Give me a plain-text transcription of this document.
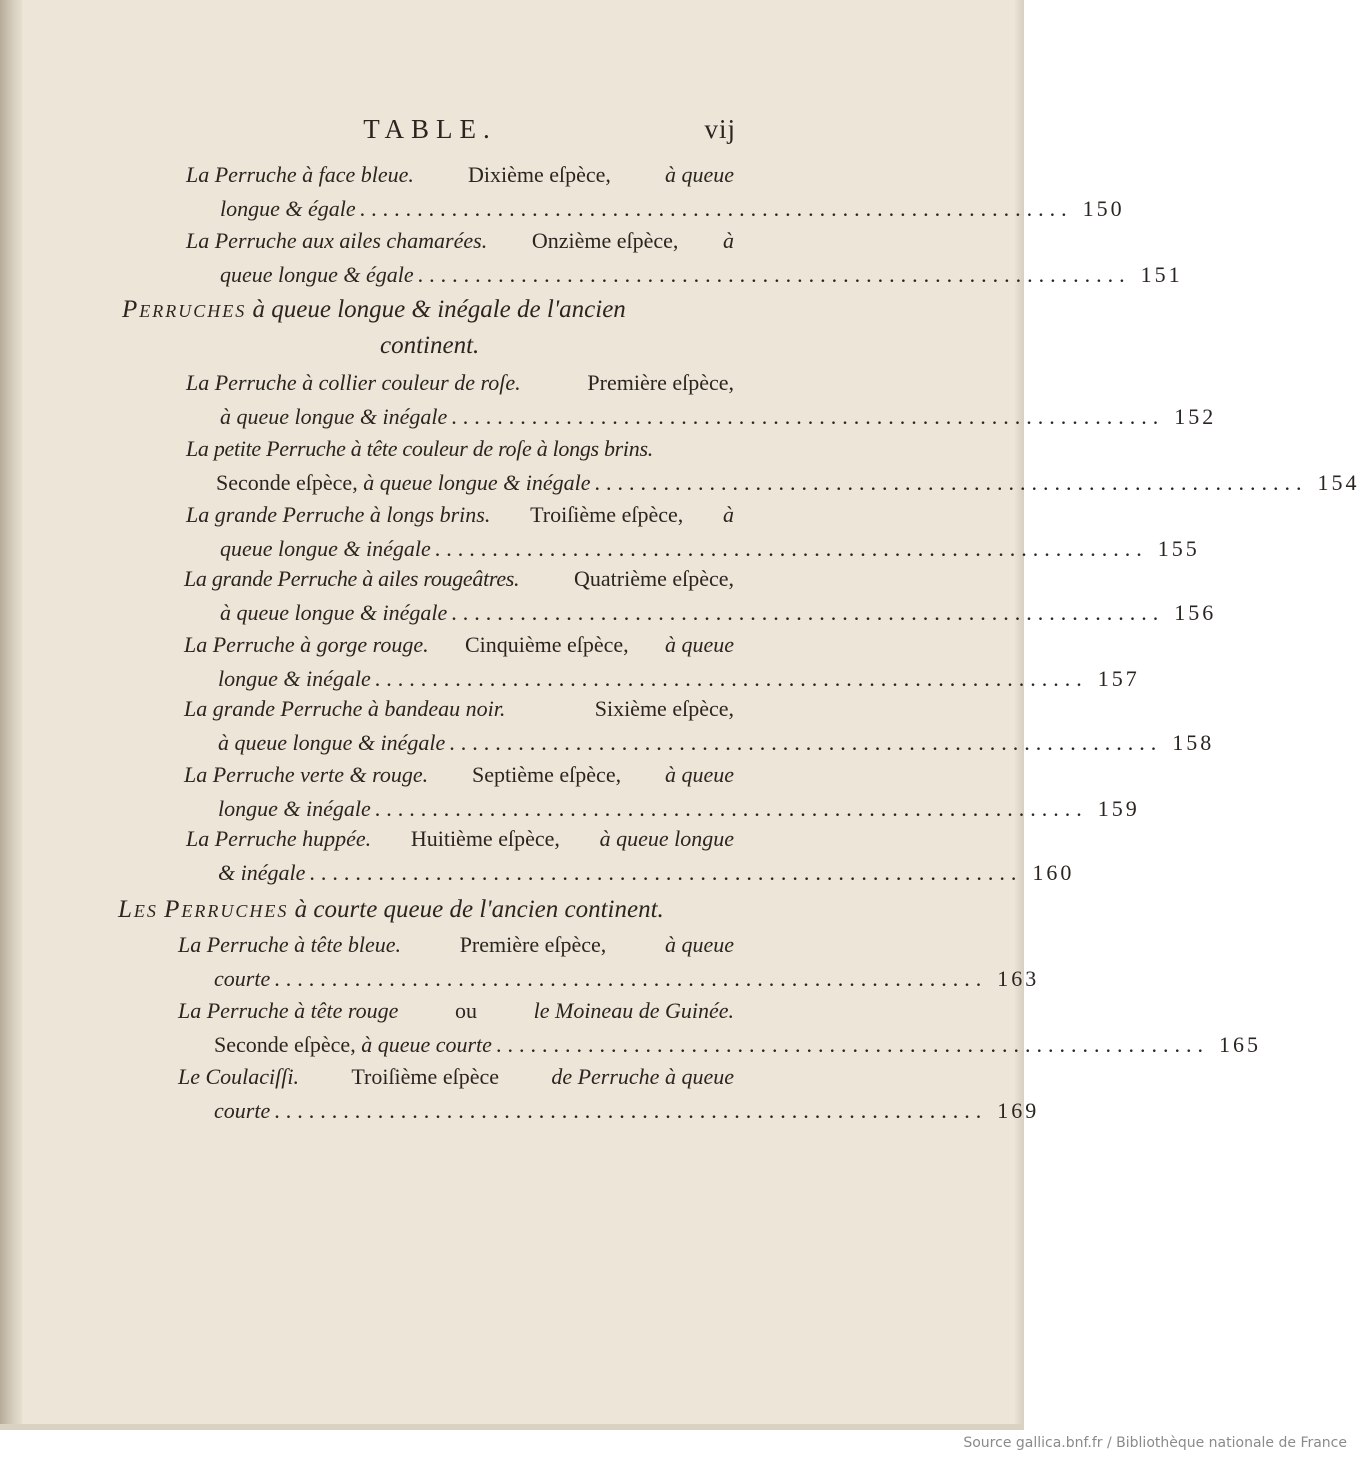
TABLE.	vij
La Perruche à face bleue. Dixième eſpèce, à queue
longue & égale .............................................................. 150
La Perruche aux ailes chamarées. Onzième eſpèce, à
queue longue & égale .............................................................. 151
Perruches à queue longue & inégale de l'ancien
continent.
La Perruche à collier couleur de roſe.	Première eſpèce,
à queue longue & inégale .............................................................. 152
La petite Perruche à tête couleur de roſe à longs brins.
Seconde eſpèce, à queue longue & inégale .............................................................. 154
La grande Perruche à longs brins. Troiſième eſpèce, à
queue longue & inégale .............................................................. 155
La grande Perruche à ailes rougeâtres. Quatrième eſpèce,
à queue longue & inégale .............................................................. 156
La Perruche à gorge rouge. Cinquième eſpèce, à queue
longue & inégale .............................................................. 157
La grande Perruche à bandeau noir.	Sixième eſpèce,
à queue longue & inégale .............................................................. 158
La Perruche verte & rouge. Septième eſpèce, à queue
longue & inégale .............................................................. 159
La Perruche huppée. Huitième eſpèce, à queue longue
& inégale .............................................................. 160
Les Perruches à courte queue de l'ancien continent.
La Perruche à tête bleue.	Première eſpèce,	à queue
courte .............................................................. 163
La Perruche à tête rouge	ou	le Moineau de Guinée.
Seconde eſpèce, à queue courte .............................................................. 165
Le Coulaciſſi. Troiſième eſpèce de Perruche à queue
courte .............................................................. 169
Source gallica.bnf.fr / Bibliothèque nationale de France
